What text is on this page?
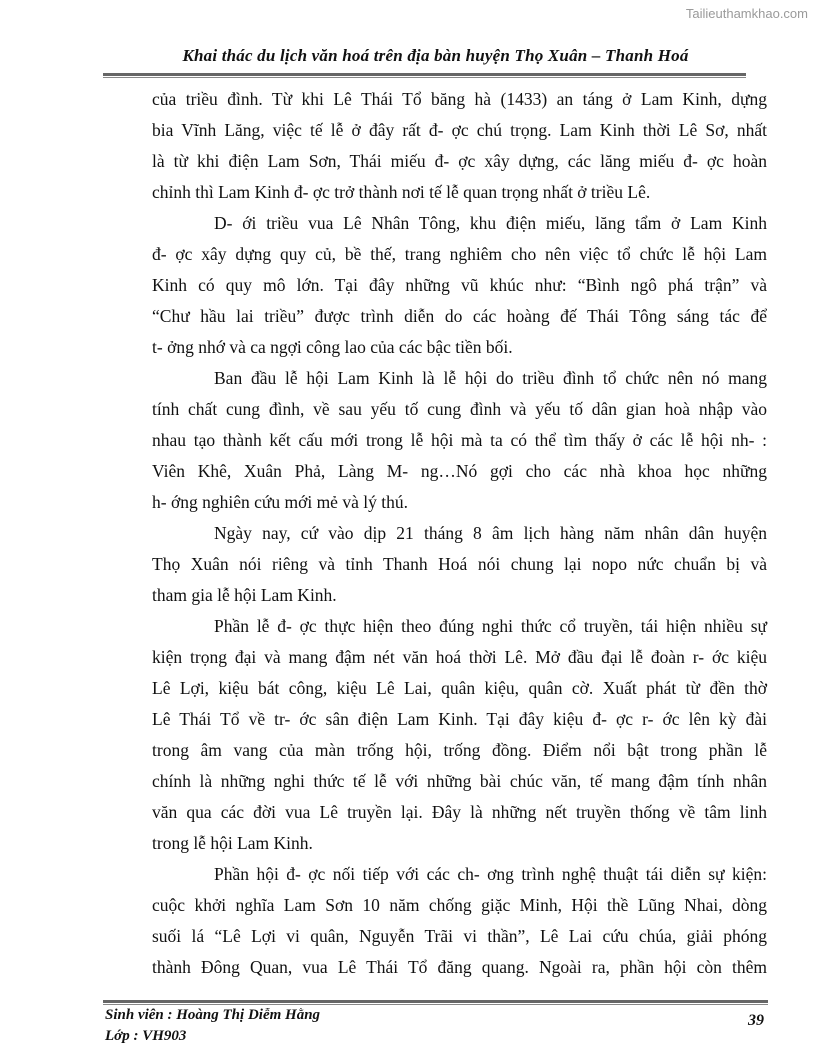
Tailieuthamkhao.com
Khai thác du lịch văn hoá trên địa bàn huyện Thọ Xuân – Thanh Hoá
của triều đình. Từ khi Lê Thái Tổ băng hà (1433) an táng ở Lam Kinh, dựng
bia Vĩnh Lăng, việc tế lễ ở đây rất đ- ợc chú trọng. Lam Kinh thời Lê Sơ, nhất
là từ khi điện Lam Sơn, Thái miếu đ- ợc xây dựng, các lăng miếu đ- ợc hoàn
chỉnh thì Lam Kinh đ- ợc trở thành nơi tế lễ quan trọng nhất ở triều Lê.
D- ới triều vua Lê Nhân Tông, khu điện miếu, lăng tẩm ở Lam Kinh
đ- ợc xây dựng quy củ, bề thế, trang nghiêm cho nên việc tổ chức lễ hội Lam
Kinh có quy mô lớn. Tại đây những vũ khúc như: “Bình ngô phá trận” và
“Chư hầu lai triều” được trình diễn do các hoàng đế Thái Tông sáng tác để
t- ởng nhớ và ca ngợi công lao của các bậc tiền bối.
Ban đầu lễ hội Lam Kinh là lễ hội do triều đình tổ chức nên nó mang
tính chất cung đình, về sau yếu tố cung đình và yếu tố dân gian hoà nhập vào
nhau tạo thành kết cấu mới trong lễ hội mà ta có thể tìm thấy ở các lễ hội nh- :
Viên Khê, Xuân Phả, Làng M- ng…Nó gợi cho các nhà khoa học những
h- ớng nghiên cứu mới mẻ và lý thú.
Ngày nay, cứ vào dịp 21 tháng 8 âm lịch hàng năm nhân dân huyện
Thọ Xuân nói riêng và tỉnh Thanh Hoá nói chung lại nopo nức chuẩn bị và
tham gia lễ hội Lam Kinh.
Phần lễ đ- ợc thực hiện theo đúng nghi thức cổ truyền, tái hiện nhiều sự
kiện trọng đại và mang đậm nét văn hoá thời Lê. Mở đầu đại lễ đoàn r- ớc kiệu
Lê Lợi, kiệu bát công, kiệu Lê Lai, quân kiệu, quân cờ. Xuất phát từ đền thờ
Lê Thái Tổ về tr- ớc sân điện Lam Kinh. Tại đây kiệu đ- ợc r- ớc lên kỳ đài
trong âm vang của màn trống hội, trống đồng. Điểm nổi bật trong phần lễ
chính là những nghi thức tế lễ với những bài chúc văn, tế mang đậm tính nhân
văn qua các đời vua Lê truyền lại. Đây là những nết truyền thống về tâm linh
trong lễ hội Lam Kinh.
Phần hội đ- ợc nối tiếp với các ch- ơng trình nghệ thuật tái diễn sự kiện:
cuộc khởi nghĩa Lam Sơn 10 năm chống giặc Minh, Hội thề Lũng Nhai, dòng
suối lá “Lê Lợi vi quân, Nguyễn Trãi vi thần”, Lê Lai cứu chúa, giải phóng
thành Đông Quan, vua Lê Thái Tổ đăng quang. Ngoài ra, phần hội còn thêm
Sinh viên : Hoàng Thị Diễm Hằng
Lớp : VH903
39
